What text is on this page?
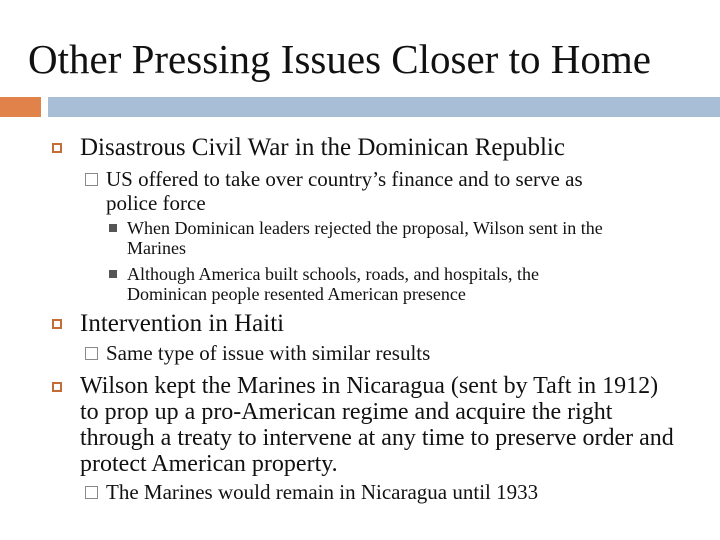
Other Pressing Issues Closer to Home
Disastrous Civil War in the Dominican Republic
US offered to take over country’s finance and to serve as
police force
When Dominican leaders rejected the proposal, Wilson sent in the
Marines
Although America built schools, roads, and hospitals, the
Dominican people resented American presence
Intervention in Haiti
Same type of issue with similar results
Wilson kept the Marines in Nicaragua (sent by Taft in 1912) to prop up a pro-American regime and acquire the right through a treaty to intervene at any time to preserve order and protect American property.
The Marines would remain in Nicaragua until 1933
